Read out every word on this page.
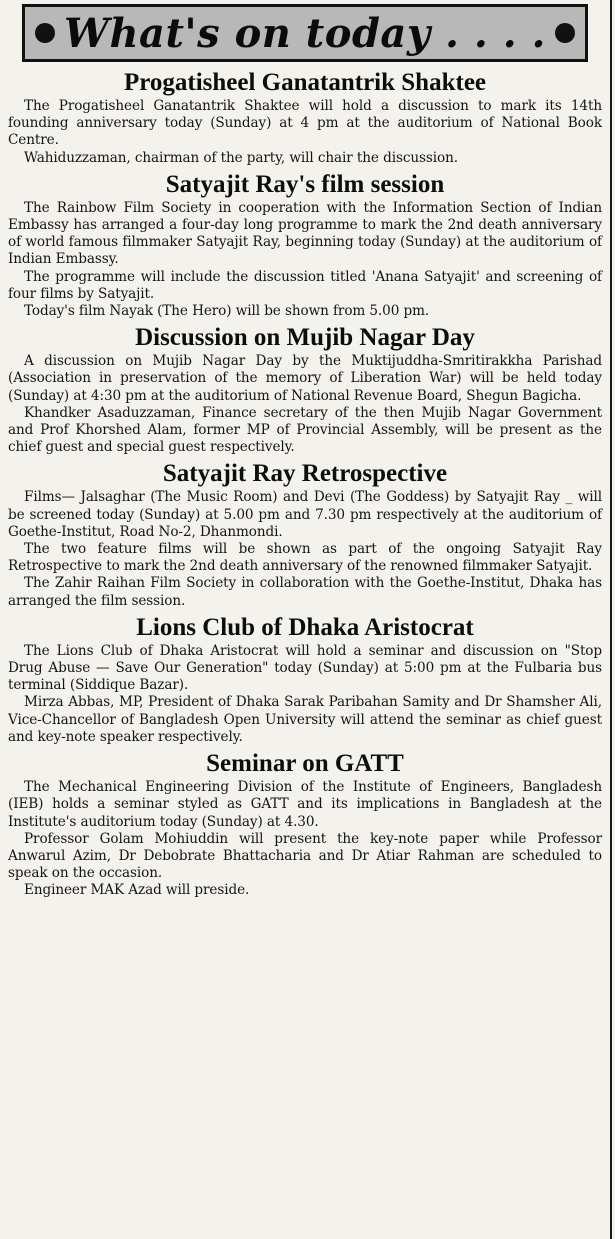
What's on today . . . .
Progatisheel Ganatantrik Shaktee

The Progatisheel Ganatantrik Shaktee will hold a discussion to mark its 14th founding anniversary today (Sunday) at 4 pm at the auditorium of National Book Centre.

Wahiduzzaman, chairman of the party, will chair the discussion.

Satyajit Ray's film session

The Rainbow Film Society in cooperation with the Information Section of Indian Embassy has arranged a four-day long programme to mark the 2nd death anniversary of world famous filmmaker Satyajit Ray, beginning today (Sunday) at the auditorium of Indian Embassy.

The programme will include the discussion titled 'Anana Satyajit' and screening of four films by Satyajit.

Today's film Nayak (The Hero) will be shown from 5.00 pm.

Discussion on Mujib Nagar Day

A discussion on Mujib Nagar Day by the Muktijuddha-Smritirakkha Parishad (Association in preservation of the memory of Liberation War) will be held today (Sunday) at 4:30 pm at the auditorium of National Revenue Board, Shegun Bagicha.

Khandker Asaduzzaman, Finance secretary of the then Mujib Nagar Government and Prof Khorshed Alam, former MP of Provincial Assembly, will be present as the chief guest and special guest respectively.

Satyajit Ray Retrospective

Films— Jalsaghar (The Music Room) and Devi (The Goddess) by Satyajit Ray _ will be screened today (Sunday) at 5.00 pm and 7.30 pm respectively at the auditorium of Goethe-Institut, Road No-2, Dhanmondi.

The two feature films will be shown as part of the ongoing Satyajit Ray Retrospective to mark the 2nd death anniversary of the renowned filmmaker Satyajit.

The Zahir Raihan Film Society in collaboration with the Goethe-Institut, Dhaka has arranged the film session.

Lions Club of Dhaka Aristocrat

The Lions Club of Dhaka Aristocrat will hold a seminar and discussion on "Stop Drug Abuse — Save Our Generation" today (Sunday) at 5:00 pm at the Fulbaria bus terminal (Siddique Bazar).

Mirza Abbas, MP, President of Dhaka Sarak Paribahan Samity and Dr Shamsher Ali, Vice-Chancellor of Bangladesh Open University will attend the seminar as chief guest and key-note speaker respectively.

Seminar on GATT

The Mechanical Engineering Division of the Institute of Engineers, Bangladesh (IEB) holds a seminar styled as GATT and its implications in Bangladesh at the Institute's auditorium today (Sunday) at 4.30.

Professor Golam Mohiuddin will present the key-note paper while Professor Anwarul Azim, Dr Debobrate Bhattacharia and Dr Atiar Rahman are scheduled to speak on the occasion.

Engineer MAK Azad will preside.
